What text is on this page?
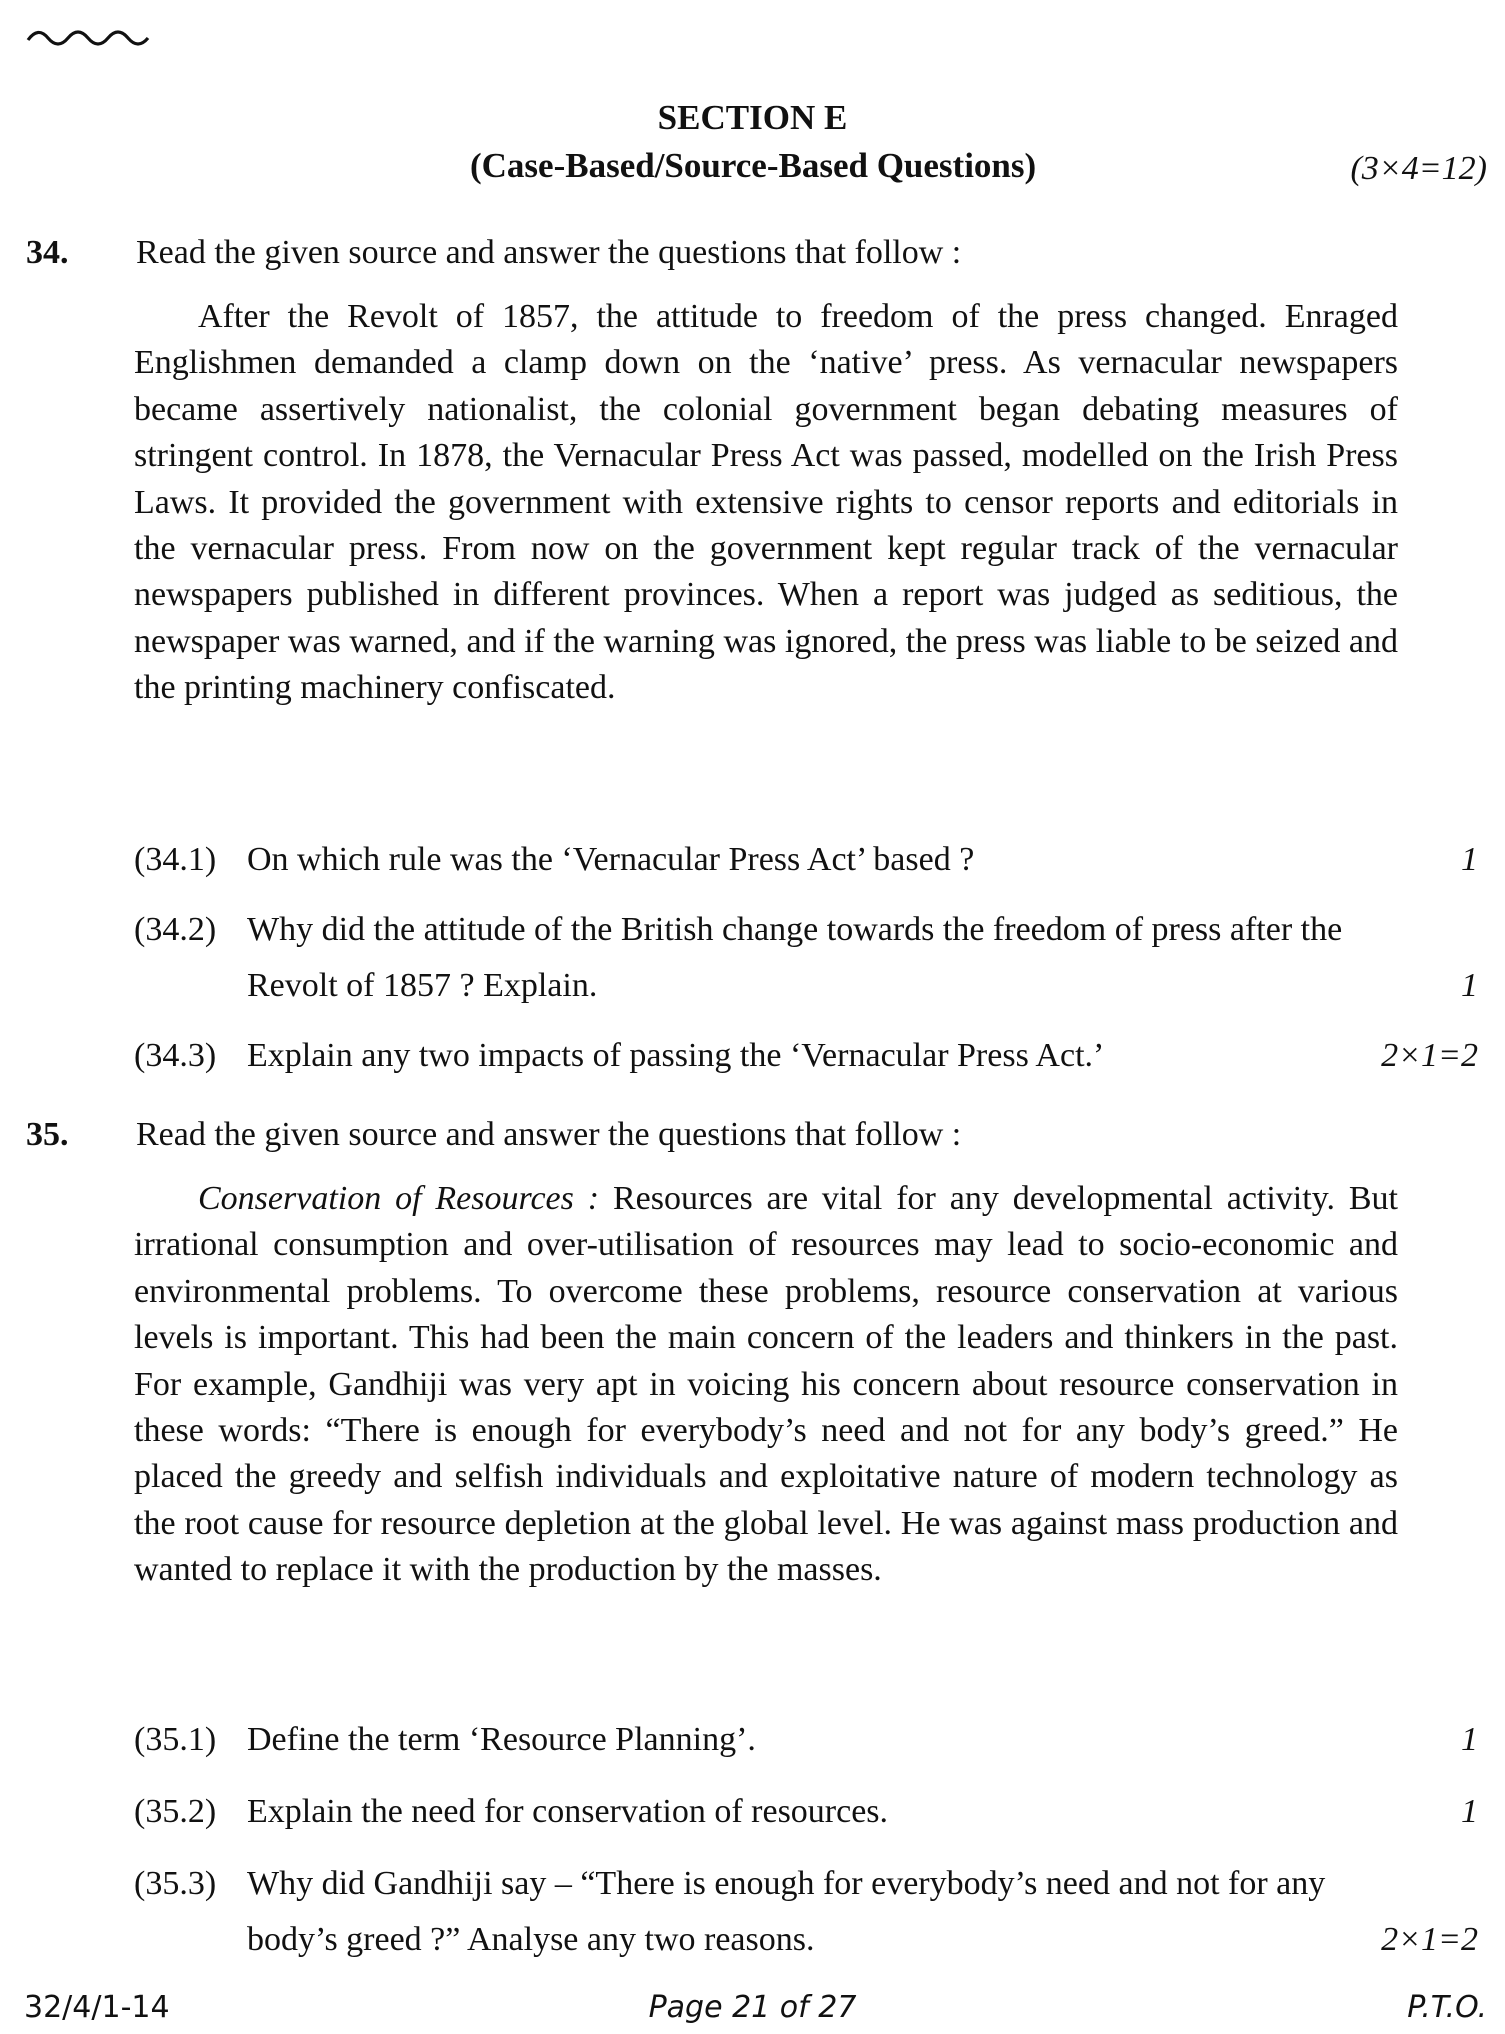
SECTION E
(Case-Based/Source-Based Questions)	(3×4=12)
34. Read the given source and answer the questions that follow :
After the Revolt of 1857, the attitude to freedom of the press changed. Enraged Englishmen demanded a clamp down on the ‘native’ press. As vernacular newspapers became assertively nationalist, the colonial government began debating measures of stringent control. In 1878, the Vernacular Press Act was passed, modelled on the Irish Press Laws. It provided the government with extensive rights to censor reports and editorials in the vernacular press. From now on the government kept regular track of the vernacular newspapers published in different provinces. When a report was judged as seditious, the newspaper was warned, and if the warning was ignored, the press was liable to be seized and the printing machinery confiscated.
(34.1) On which rule was the ‘Vernacular Press Act’ based ?	1
(34.2) Why did the attitude of the British change towards the freedom of press after the Revolt of 1857 ? Explain.	1
(34.3) Explain any two impacts of passing the ‘Vernacular Press Act.’	2×1=2
35. Read the given source and answer the questions that follow :
Conservation of Resources : Resources are vital for any developmental activity. But irrational consumption and over-utilisation of resources may lead to socio-economic and environmental problems. To overcome these problems, resource conservation at various levels is important. This had been the main concern of the leaders and thinkers in the past. For example, Gandhiji was very apt in voicing his concern about resource conservation in these words: “There is enough for everybody’s need and not for any body’s greed.” He placed the greedy and selfish individuals and exploitative nature of modern technology as the root cause for resource depletion at the global level. He was against mass production and wanted to replace it with the production by the masses.
(35.1) Define the term ‘Resource Planning’.	1
(35.2) Explain the need for conservation of resources.	1
(35.3) Why did Gandhiji say – “There is enough for everybody’s need and not for any body’s greed ?” Analyse any two reasons.	2×1=2
32/4/1-14	Page 21 of 27	P.T.O.
